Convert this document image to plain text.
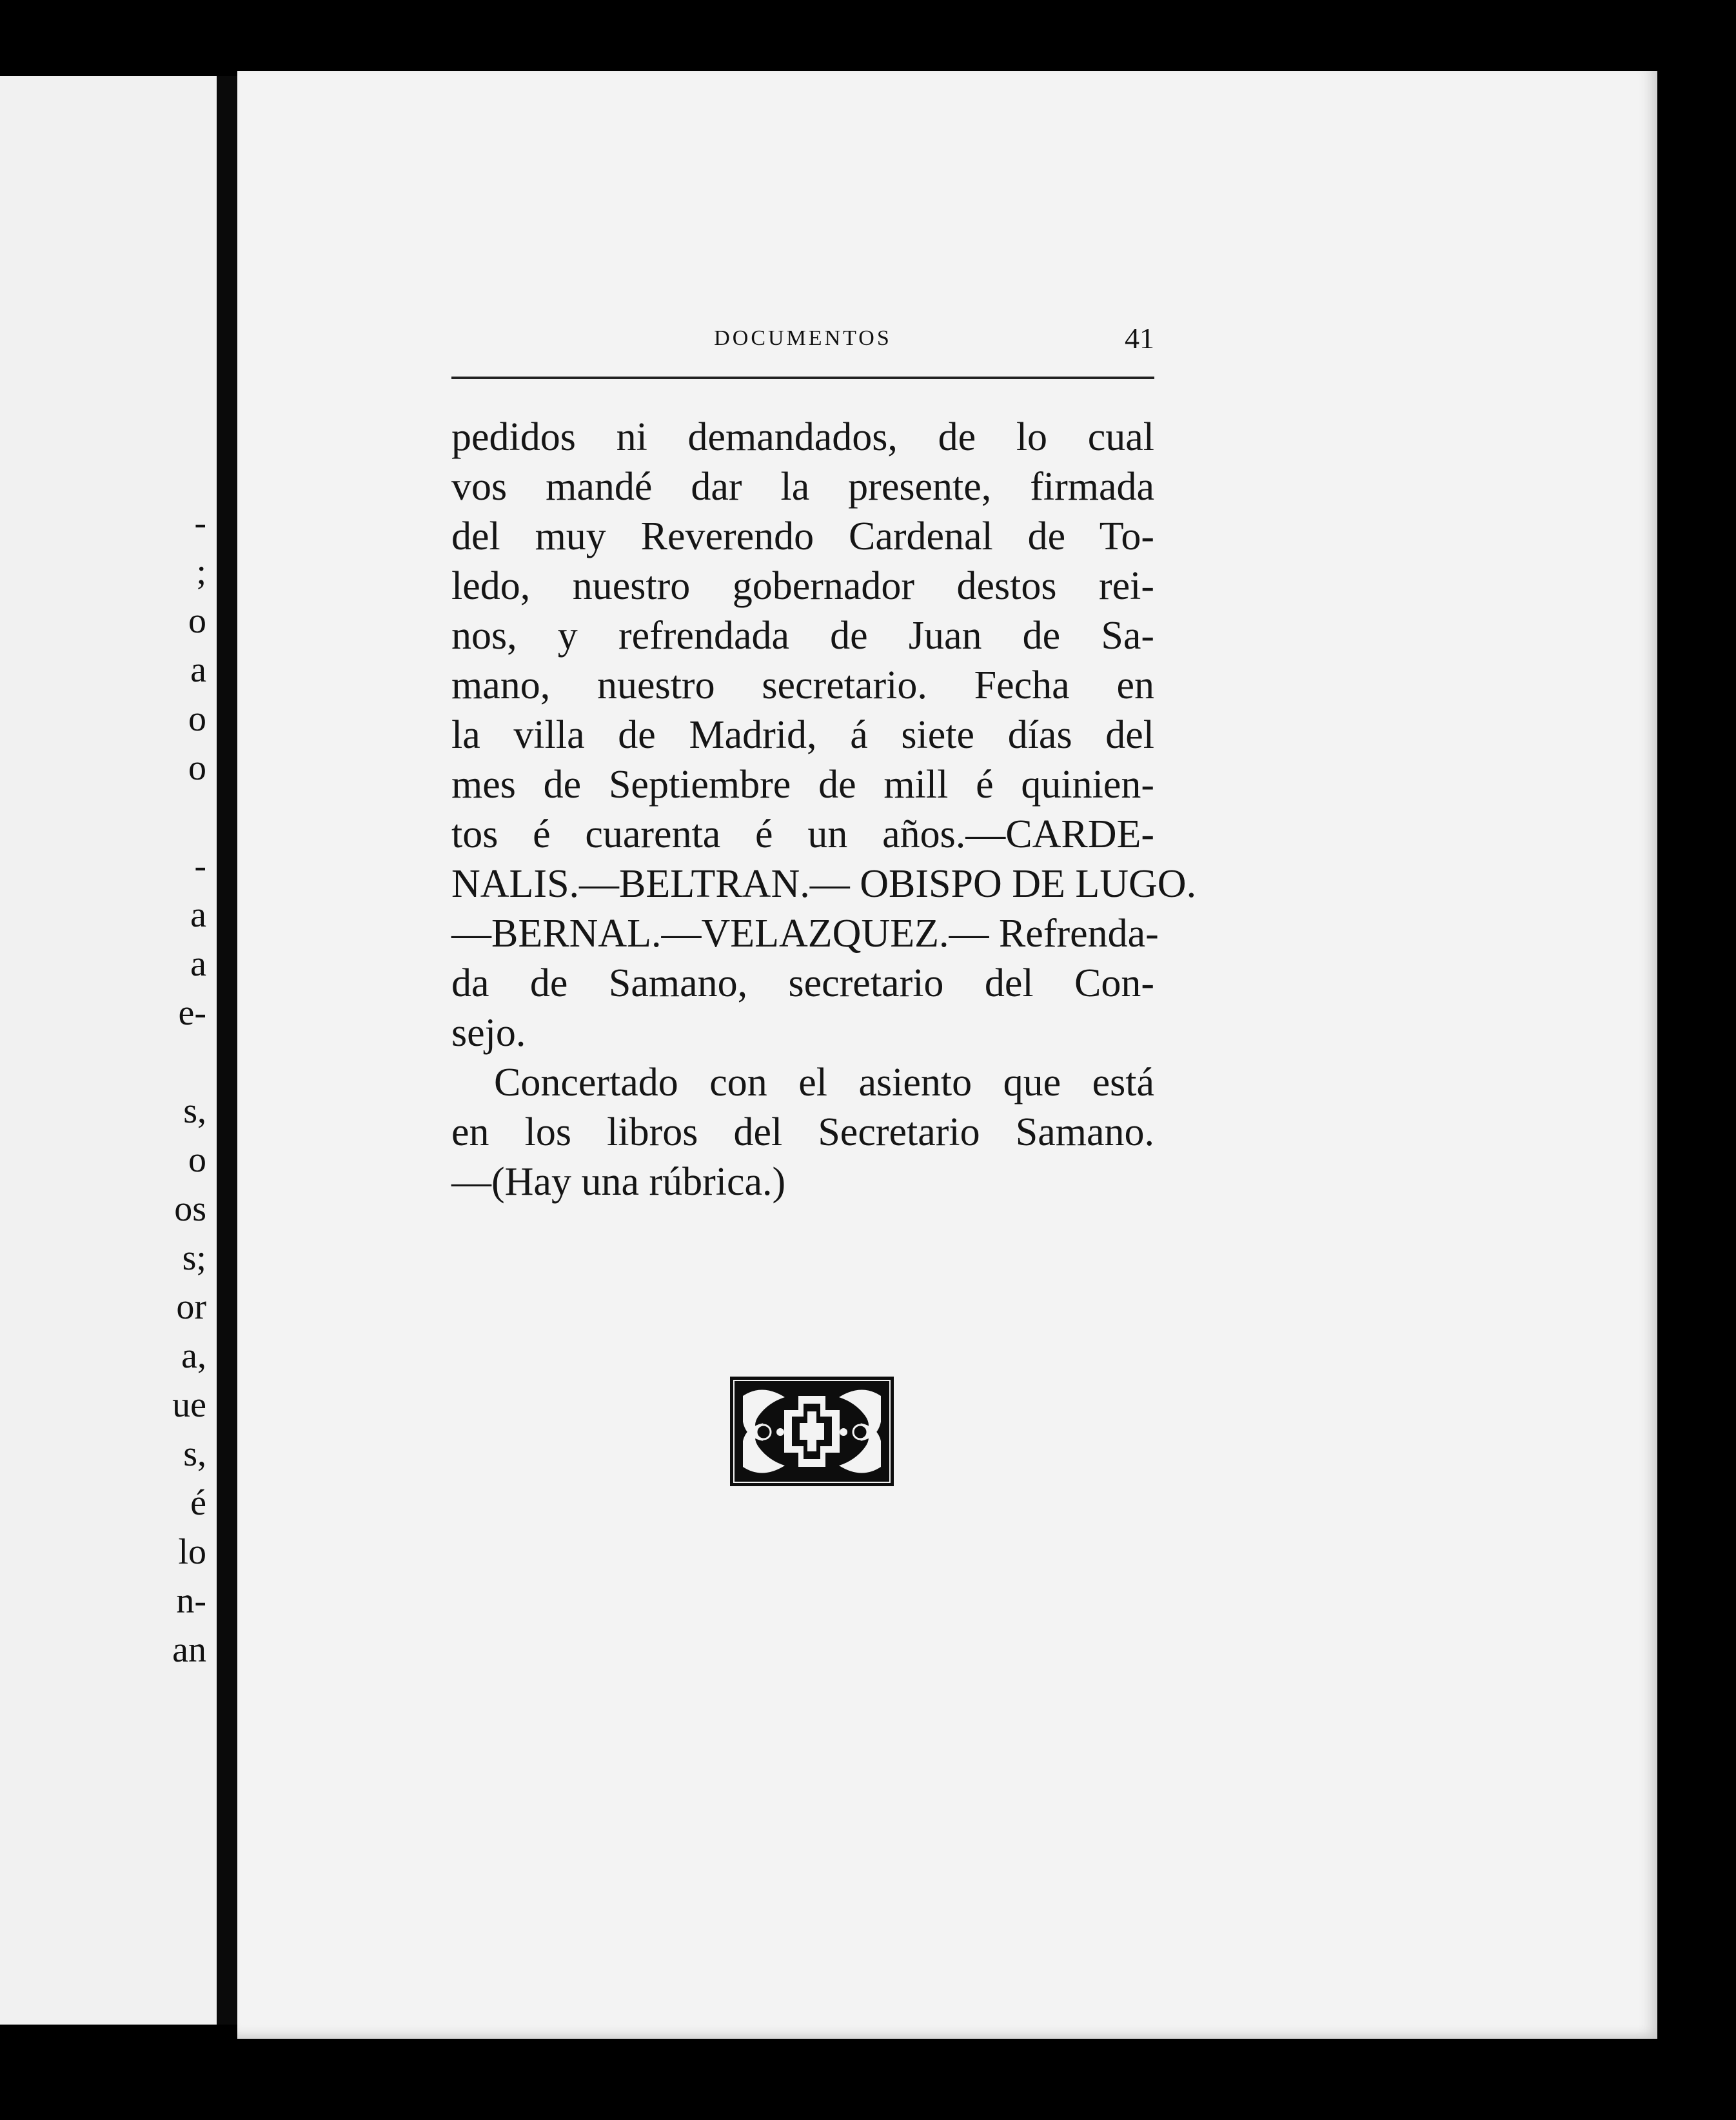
-
;
o
a
o
o
-
a
a
e-
s,
o
os
s;
or
a,
ue
s,
é
lo
n-
an
DOCUMENTOS	41
pedidos ni demandados, de lo cual
vos mandé dar la presente, firmada
del muy Reverendo Cardenal de To-
ledo, nuestro gobernador destos rei-
nos, y refrendada de Juan de Sa-
mano, nuestro secretario. Fecha en
la villa de Madrid, á siete días del
mes de Septiembre de mill é quinien-
tos é cuarenta é un años.—CARDE-
NALIS.—BELTRAN.— OBISPO DE LUGO.
—BERNAL.—VELAZQUEZ.— Refrenda-
da de Samano, secretario del Con-
sejo.
Concertado con el asiento que está
en los libros del Secretario Samano.
—(Hay una rúbrica.)
